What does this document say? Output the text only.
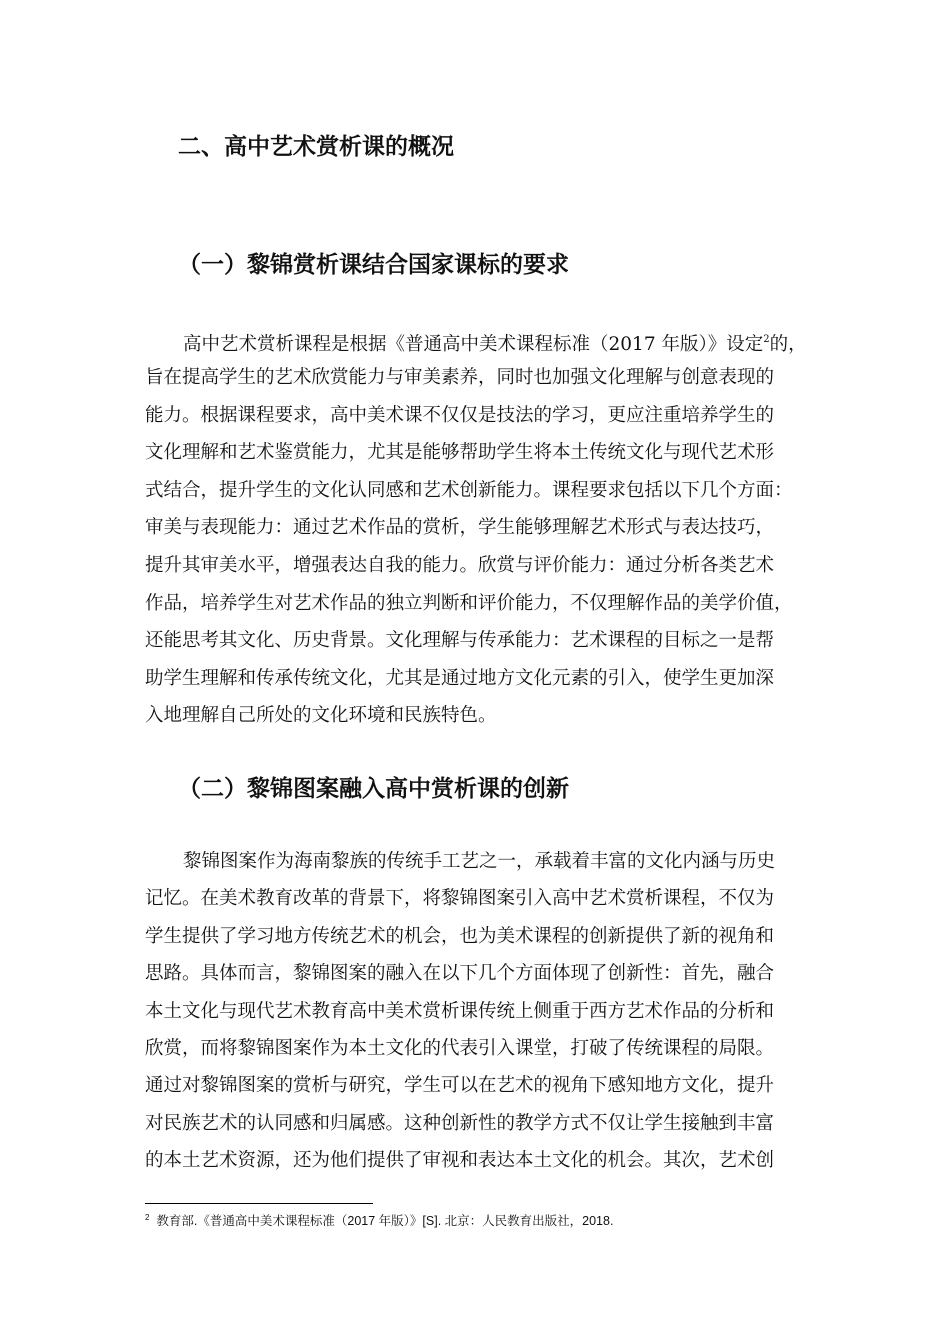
二、高中艺术赏析课的概况
（一）黎锦赏析课结合国家课标的要求
高中艺术赏析课程是根据《普通高中美术课程标准（2017 年版）》设定$^2$的，
旨在提高学生的艺术欣赏能力与审美素养，同时也加强文化理解与创意表现的
能力。根据课程要求，高中美术课不仅仅是技法的学习，更应注重培养学生的
文化理解和艺术鉴赏能力，尤其是能够帮助学生将本土传统文化与现代艺术形
式结合，提升学生的文化认同感和艺术创新能力。课程要求包括以下几个方面：
审美与表现能力：通过艺术作品的赏析，学生能够理解艺术形式与表达技巧，
提升其审美水平，增强表达自我的能力。欣赏与评价能力：通过分析各类艺术
作品，培养学生对艺术作品的独立判断和评价能力，不仅理解作品的美学价值，
还能思考其文化、历史背景。文化理解与传承能力：艺术课程的目标之一是帮
助学生理解和传承传统文化，尤其是通过地方文化元素的引入，使学生更加深
入地理解自己所处的文化环境和民族特色。
（二）黎锦图案融入高中赏析课的创新
黎锦图案作为海南黎族的传统手工艺之一，承载着丰富的文化内涵与历史
记忆。在美术教育改革的背景下，将黎锦图案引入高中艺术赏析课程，不仅为
学生提供了学习地方传统艺术的机会，也为美术课程的创新提供了新的视角和
思路。具体而言，黎锦图案的融入在以下几个方面体现了创新性：首先，融合
本土文化与现代艺术教育高中美术赏析课传统上侧重于西方艺术作品的分析和
欣赏，而将黎锦图案作为本土文化的代表引入课堂，打破了传统课程的局限。
通过对黎锦图案的赏析与研究，学生可以在艺术的视角下感知地方文化，提升
对民族艺术的认同感和归属感。这种创新性的教学方式不仅让学生接触到丰富
的本土艺术资源，还为他们提供了审视和表达本土文化的机会。其次，艺术创
$^2$ 教育部.《普通高中美术课程标准（2017 年版）》[S]. 北京：人民教育出版社，2018.
